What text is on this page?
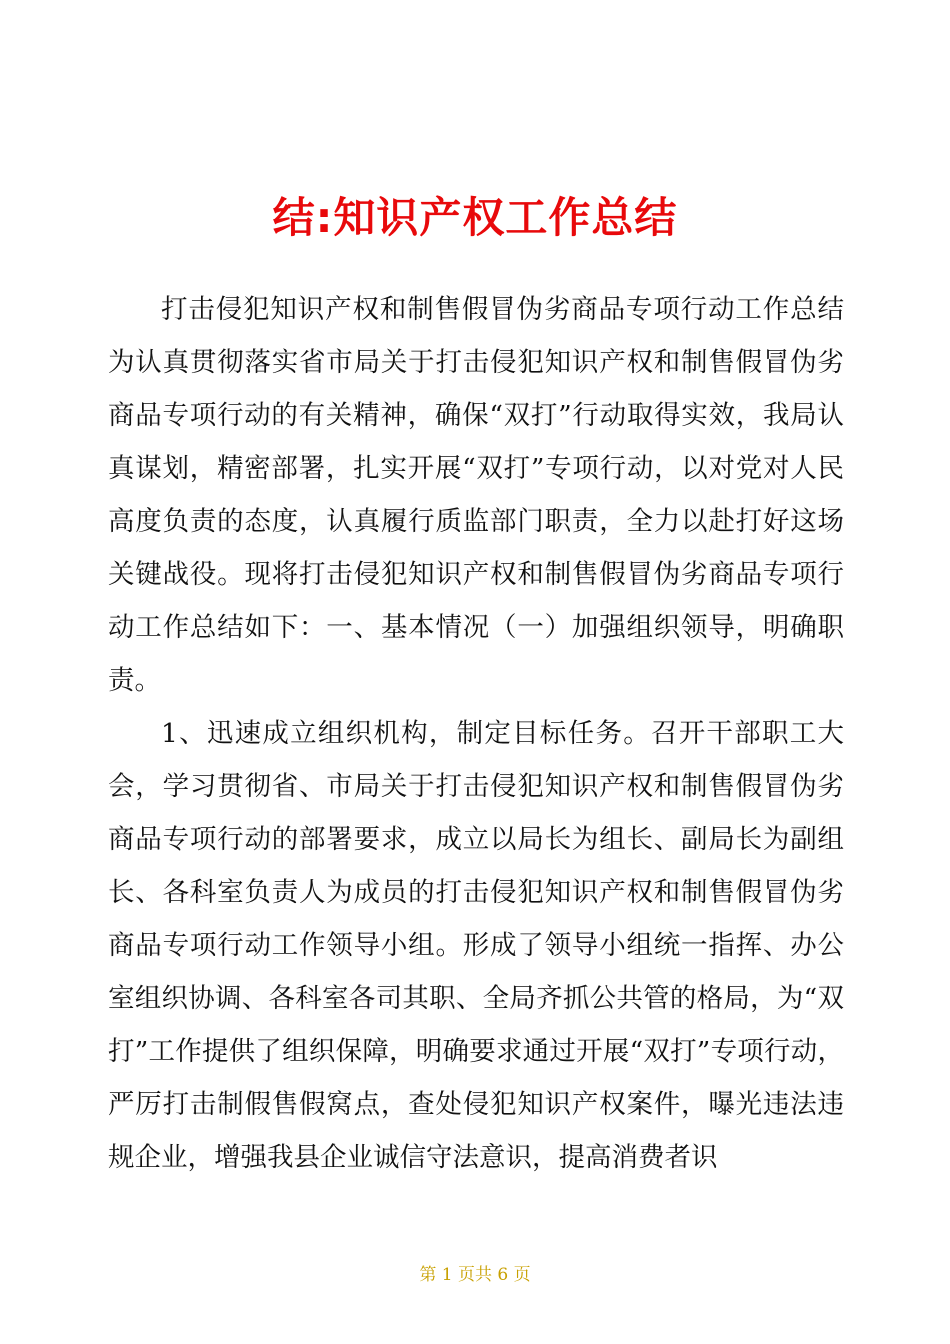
结:知识产权工作总结

打击侵犯知识产权和制售假冒伪劣商品专项行动工作总结为认真贯彻落实省市局关于打击侵犯知识产权和制售假冒伪劣商品专项行动的有关精神，确保“双打”行动取得实效，我局认真谋划，精密部署，扎实开展“双打”专项行动，以对党对人民高度负责的态度，认真履行质监部门职责，全力以赴打好这场关键战役。现将打击侵犯知识产权和制售假冒伪劣商品专项行动工作总结如下：一、基本情况（一）加强组织领导，明确职责。

1、迅速成立组织机构，制定目标任务。召开干部职工大会，学习贯彻省、市局关于打击侵犯知识产权和制售假冒伪劣商品专项行动的部署要求，成立以局长为组长、副局长为副组长、各科室负责人为成员的打击侵犯知识产权和制售假冒伪劣商品专项行动工作领导小组。形成了领导小组统一指挥、办公室组织协调、各科室各司其职、全局齐抓公共管的格局，为“双打”工作提供了组织保障，明确要求通过开展“双打”专项行动，严厉打击制假售假窝点，查处侵犯知识产权案件，曝光违法违规企业，增强我县企业诚信守法意识，提高消费者识

第 1 页共 6 页
